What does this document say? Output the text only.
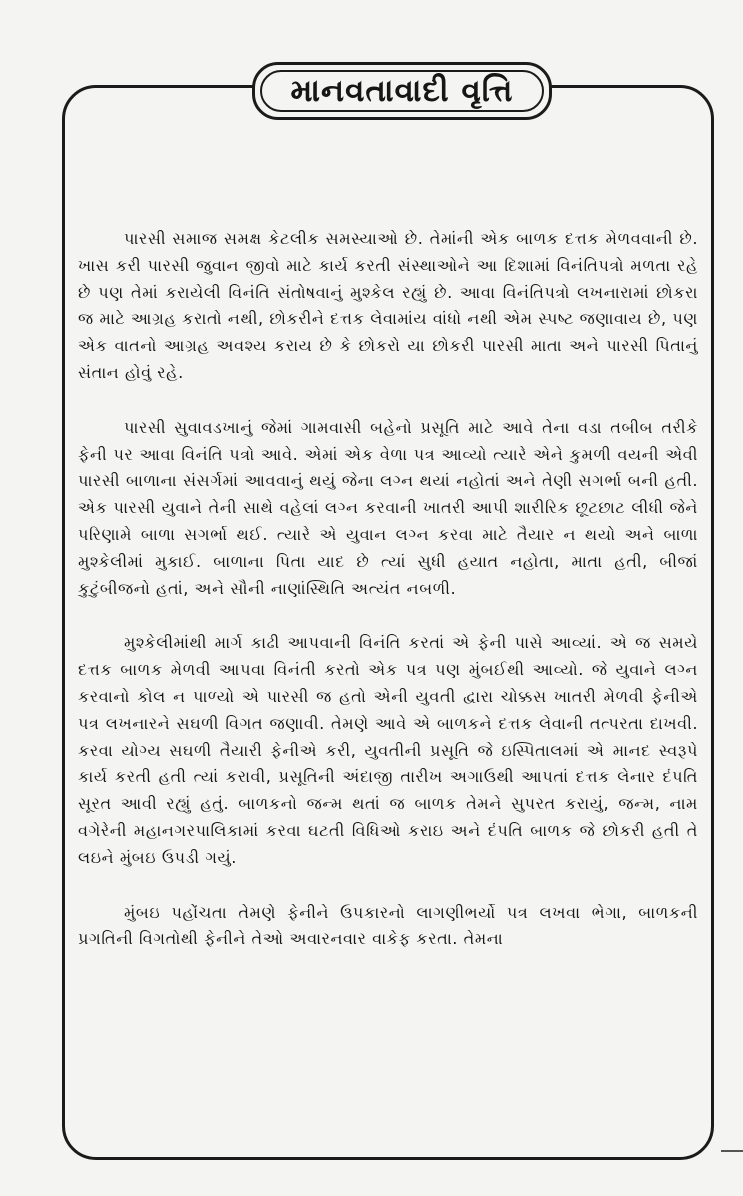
માનવતાવાદી વૃત્તિ

પારસી સમાજ સમક્ષ કેટલીક સમસ્યાઓ છે. તેમાંની એક બાળક દત્તક મેળવવાની છે. ખાસ કરી પારસી જુવાન જીવો માટે કાર્ય કરતી સંસ્થાઓને આ દિશામાં વિનંતિપત્રો મળતા રહે છે પણ તેમાં કરાયેલી વિનંતિ સંતોષવાનું મુશ્કેલ રહ્યું છે. આવા વિનંતિપત્રો લખનારામાં છોકરા જ માટે આગ્રહ કરાતો નથી, છોકરીને દત્તક લેવામાંય વાંધો નથી એમ સ્પષ્ટ જણાવાય છે, પણ એક વાતનો આગ્રહ અવશ્ય કરાય છે કે છોકરો યા છોકરી પારસી માતા અને પારસી પિતાનું સંતાન હોવું રહે.

પારસી સુવાવડખાનું જેમાં ગામવાસી બહેનો પ્રસૂતિ માટે આવે તેના વડા તબીબ તરીકે ફેની પર આવા વિનંતિ પત્રો આવે. એમાં એક વેળા પત્ર આવ્યો ત્યારે એને કુમળી વયની એવી પારસી બાળાના સંસર્ગમાં આવવાનું થયું જેના લગ્ન થયાં નહોતાં અને તેણી સગર્ભા બની હતી. એક પારસી યુવાને તેની સાથે વહેલાં લગ્ન કરવાની ખાતરી આપી શારીરિક છૂટછાટ લીધી જેને પરિણામે બાળા સગર્ભા થઈ. ત્યારે એ યુવાન લગ્ન કરવા માટે તૈયાર ન થયો અને બાળા મુશ્કેલીમાં મુકાઈ. બાળાના પિતા યાદ છે ત્યાં સુધી હયાત નહોતા, માતા હતી, બીજાં કુટુંબીજનો હતાં, અને સૌની નાણાંસ્થિતિ અત્યંત નબળી.

મુશ્કેલીમાંથી માર્ગ કાઢી આપવાની વિનંતિ કરતાં એ ફેની પાસે આવ્યાં. એ જ સમયે દત્તક બાળક મેળવી આપવા વિનંતી કરતો એક પત્ર પણ મુંબઈથી આવ્યો. જે યુવાને લગ્ન કરવાનો કોલ ન પાળ્યો એ પારસી જ હતો એની યુવતી દ્વારા ચોક્કસ ખાતરી મેળવી ફેનીએ પત્ર લખનારને સઘળી વિગત જણાવી. તેમણે આવે એ બાળકને દત્તક લેવાની તત્પરતા દાખવી. કરવા યોગ્ય સઘળી તૈયારી ફેનીએ કરી, યુવતીની પ્રસૂતિ જે ઇસ્પિતાલમાં એ માનદ સ્વરૂપે કાર્ય કરતી હતી ત્યાં કરાવી, પ્રસૂતિની અંદાજી તારીખ અગાઉથી આપતાં દત્તક લેનાર દંપતિ સૂરત આવી રહ્યું હતું. બાળકનો જન્મ થતાં જ બાળક તેમને સુપરત કરાયું, જન્મ, નામ વગેરેની મહાનગરપાલિકામાં કરવા ઘટતી વિધિઓ કરાઇ અને દંપતિ બાળક જે છોકરી હતી તે લઇને મુંબઇ ઉપડી ગયું.

મુંબઇ પહોંચતા તેમણે ફેનીને ઉપકારનો લાગણીભર્યો પત્ર લખવા ભેગા, બાળકની પ્રગતિની વિગતોથી ફેનીને તેઓ અવારનવાર વાકેફ કરતા. તેમના
